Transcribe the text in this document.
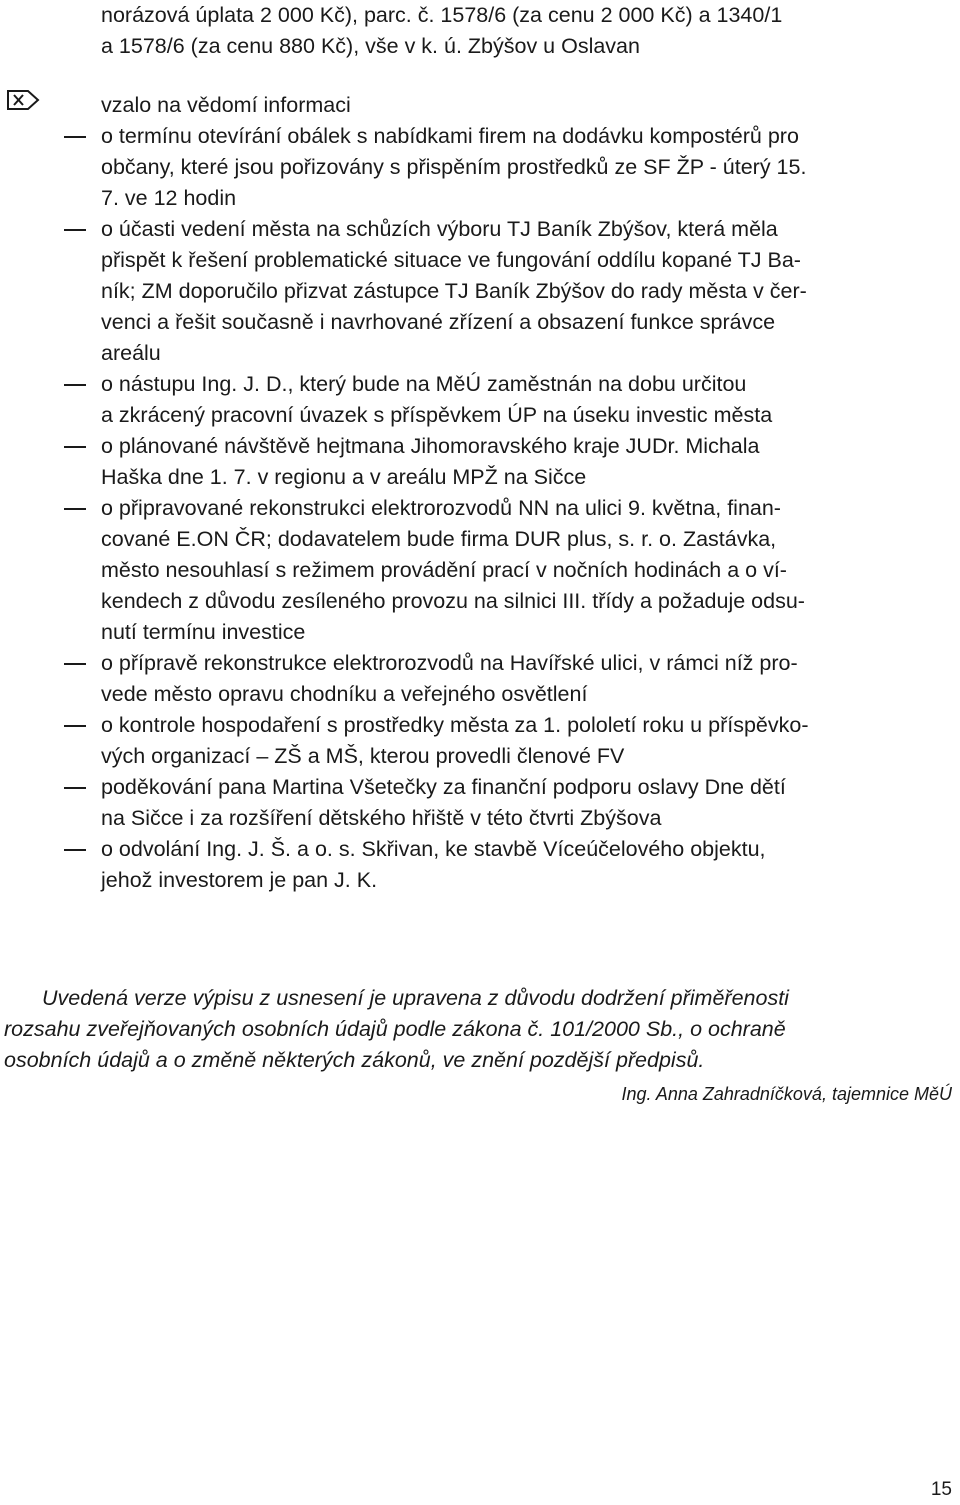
norázová úplata 2 000 Kč), parc. č. 1578/6 (za cenu 2 000 Kč) a 1340/1

a 1578/6 (za cenu 880 Kč), vše v k. ú. Zbýšov u Oslavan

vzalo na vědomí informaci

o termínu otevírání obálek s nabídkami firem na dodávku kompostérů pro

občany, které jsou pořizovány s přispěním prostředků ze SF ŽP - úterý 15.

7. ve 12 hodin

o účasti vedení města na schůzích výboru TJ Baník Zbýšov, která měla

přispět k řešení problematické situace ve fungování oddílu kopané TJ Ba-

ník; ZM doporučilo přizvat zástupce TJ Baník Zbýšov do rady města v čer-

venci a řešit současně i navrhované zřízení a obsazení funkce správce

areálu

o nástupu Ing. J. D., který bude na MěÚ zaměstnán na dobu určitou

a zkrácený pracovní úvazek s příspěvkem ÚP na úseku investic města

o plánované návštěvě hejtmana Jihomoravského kraje JUDr. Michala

Haška dne 1. 7. v regionu a v areálu MPŽ na Sičce

o připravované rekonstrukci elektrorozvodů NN na ulici 9. května, finan-

cované E.ON ČR; dodavatelem bude firma DUR plus, s. r. o. Zastávka,

město nesouhlasí s režimem provádění prací v nočních hodinách a o ví-

kendech z důvodu zesíleného provozu na silnici III. třídy a požaduje odsu-

nutí termínu investice

o přípravě rekonstrukce elektrorozvodů na Havířské ulici, v rámci níž pro-

vede město opravu chodníku a veřejného osvětlení

o kontrole hospodaření s prostředky města za 1. pololetí roku u příspěvko-

vých organizací – ZŠ a MŠ, kterou provedli členové FV

poděkování pana Martina Všetečky za finanční podporu oslavy Dne dětí

na Sičce i za rozšíření dětského hřiště v této čtvrti Zbýšova

o odvolání Ing. J. Š. a o. s. Skřivan, ke stavbě Víceúčelového objektu,

jehož investorem je pan J. K.

Uvedená verze výpisu z usnesení je upravena z důvodu dodržení přiměřenosti

rozsahu zveřejňovaných osobních údajů podle zákona č. 101/2000 Sb., o ochraně

osobních údajů a o změně některých zákonů, ve znění pozdější předpisů.

Ing. Anna Zahradníčková, tajemnice MěÚ
15
